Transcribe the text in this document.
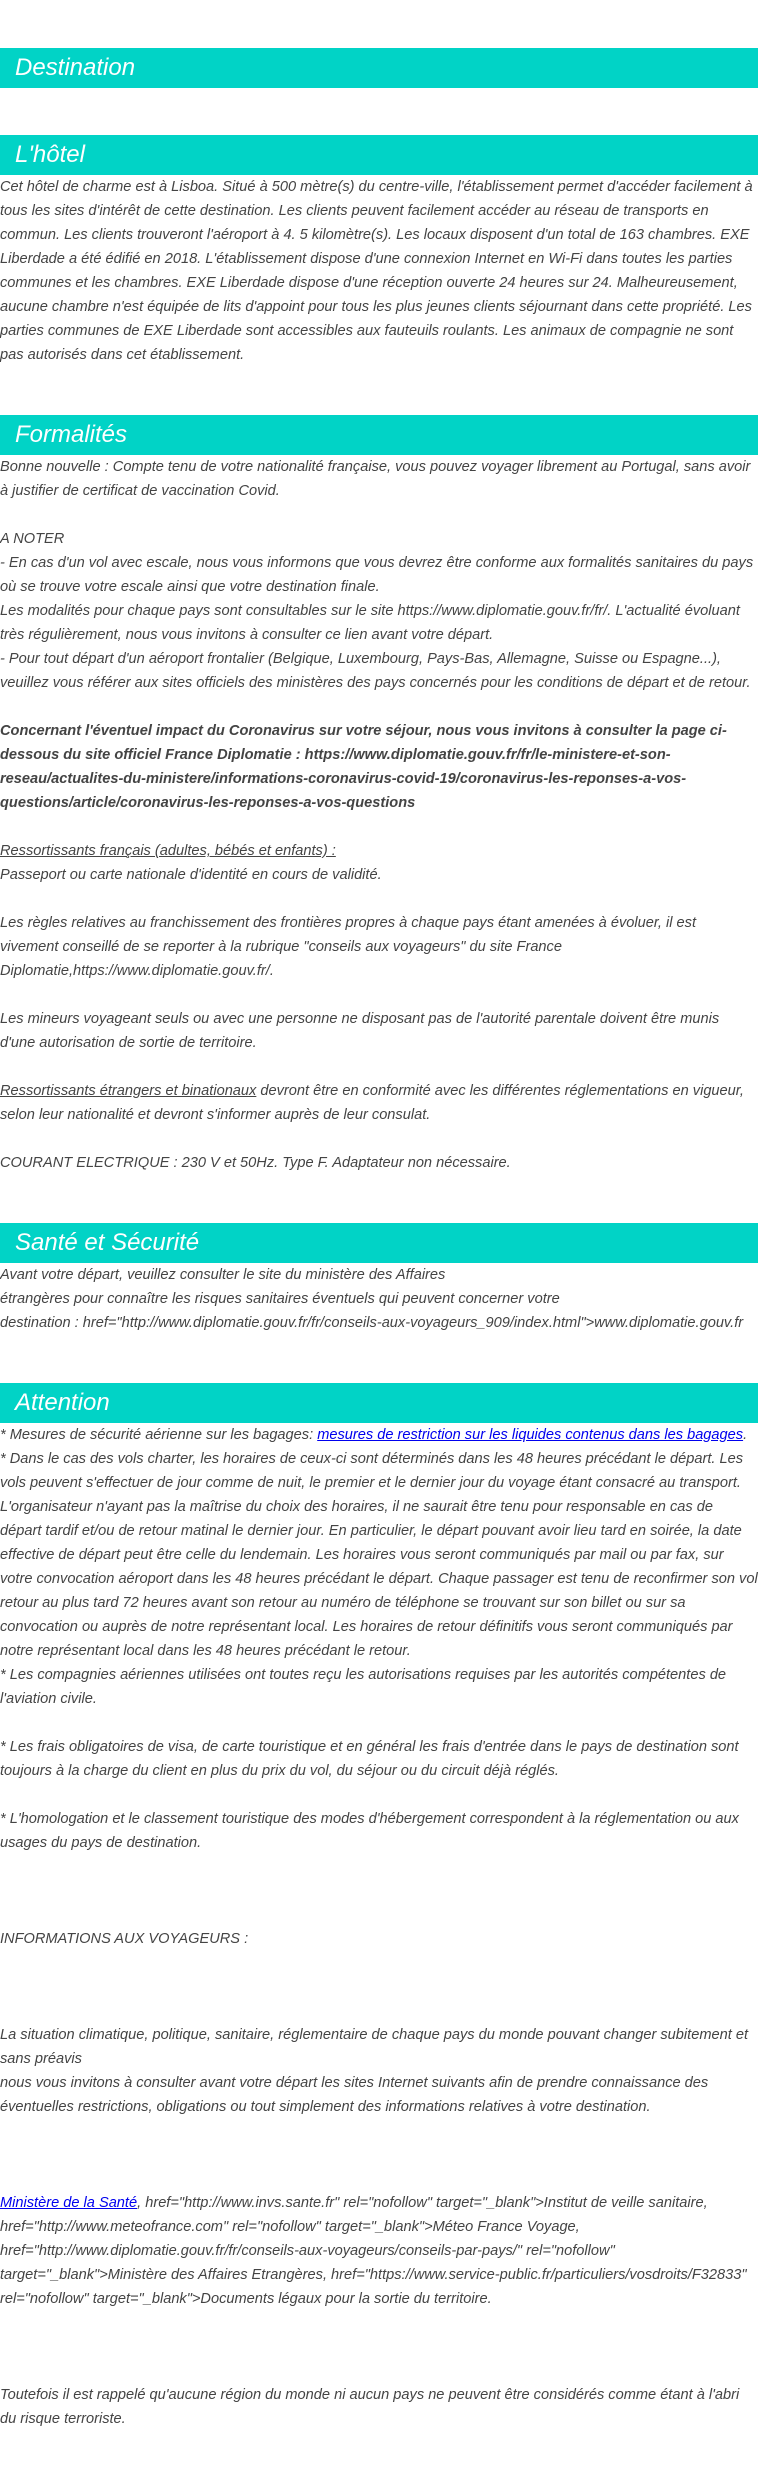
Destination
L'hôtel

Cet hôtel de charme est à Lisboa. Situé à 500 mètre(s) du centre-ville, l'établissement permet d'accéder facilement à tous les sites d'intérêt de cette destination. Les clients peuvent facilement accéder au réseau de transports en commun. Les clients trouveront l'aéroport à 4. 5 kilomètre(s). Les locaux disposent d'un total de 163 chambres. EXE Liberdade a été édifié en 2018. L'établissement dispose d'une connexion Internet en Wi-Fi dans toutes les parties communes et les chambres. EXE Liberdade dispose d'une réception ouverte 24 heures sur 24. Malheureusement, aucune chambre n'est équipée de lits d'appoint pour tous les plus jeunes clients séjournant dans cette propriété. Les parties communes de EXE Liberdade sont accessibles aux fauteuils roulants. Les animaux de compagnie ne sont pas autorisés dans cet établissement.

Formalités

Bonne nouvelle : Compte tenu de votre nationalité française, vous pouvez voyager librement au Portugal, sans avoir à justifier de certificat de vaccination Covid.

A NOTER

- En cas d'un vol avec escale, nous vous informons que vous devrez être conforme aux formalités sanitaires du pays où se trouve votre escale ainsi que votre destination finale.

Les modalités pour chaque pays sont consultables sur le site https://www.diplomatie.gouv.fr/fr/. L'actualité évoluant très régulièrement, nous vous invitons à consulter ce lien avant votre départ.

- Pour tout départ d'un aéroport frontalier (Belgique, Luxembourg, Pays-Bas, Allemagne, Suisse ou Espagne...), veuillez vous référer aux sites officiels des ministères des pays concernés pour les conditions de départ et de retour.

Concernant l'éventuel impact du Coronavirus sur votre séjour, nous vous invitons à consulter la page ci-dessous du site officiel France Diplomatie : https://www.diplomatie.gouv.fr/fr/le-ministere-et-son-reseau/actualites-du-ministere/informations-coronavirus-covid-19/coronavirus-les-reponses-a-vos-questions/article/coronavirus-les-reponses-a-vos-questions

Ressortissants français (adultes, bébés et enfants) :

Passeport ou carte nationale d'identité en cours de validité.

Les règles relatives au franchissement des frontières propres à chaque pays étant amenées à évoluer, il est vivement conseillé de se reporter à la rubrique "conseils aux voyageurs" du site France Diplomatie,https://www.diplomatie.gouv.fr/.

Les mineurs voyageant seuls ou avec une personne ne disposant pas de l'autorité parentale doivent être munis d'une autorisation de sortie de territoire.

Ressortissants étrangers et binationaux devront être en conformité avec les différentes réglementations en vigueur, selon leur nationalité et devront s'informer auprès de leur consulat.

COURANT ELECTRIQUE : 230 V et 50Hz. Type F. Adaptateur non nécessaire.

Santé et Sécurité

Avant votre départ, veuillez consulter le site du ministère des Affaires

étrangères pour connaître les risques sanitaires éventuels qui peuvent concerner votre

destination : href="http://www.diplomatie.gouv.fr/fr/conseils-aux-voyageurs_909/index.html">www.diplomatie.gouv.fr

Attention

* Mesures de sécurité aérienne sur les bagages: mesures de restriction sur les liquides contenus dans les bagages.

* Dans le cas des vols charter, les horaires de ceux-ci sont déterminés dans les 48 heures précédant le départ. Les vols peuvent s'effectuer de jour comme de nuit, le premier et le dernier jour du voyage étant consacré au transport. L'organisateur n'ayant pas la maîtrise du choix des horaires, il ne saurait être tenu pour responsable en cas de départ tardif et/ou de retour matinal le dernier jour. En particulier, le départ pouvant avoir lieu tard en soirée, la date effective de départ peut être celle du lendemain. Les horaires vous seront communiqués par mail ou par fax, sur votre convocation aéroport dans les 48 heures précédant le départ. Chaque passager est tenu de reconfirmer son vol retour au plus tard 72 heures avant son retour au numéro de téléphone se trouvant sur son billet ou sur sa convocation ou auprès de notre représentant local. Les horaires de retour définitifs vous seront communiqués par notre représentant local dans les 48 heures précédant le retour.

* Les compagnies aériennes utilisées ont toutes reçu les autorisations requises par les autorités compétentes de l'aviation civile.

* Les frais obligatoires de visa, de carte touristique et en général les frais d'entrée dans le pays de destination sont toujours à la charge du client en plus du prix du vol, du séjour ou du circuit déjà réglés.

* L'homologation et le classement touristique des modes d'hébergement correspondent à la réglementation ou aux usages du pays de destination.

INFORMATIONS AUX VOYAGEURS :

La situation climatique, politique, sanitaire, réglementaire de chaque pays du monde pouvant changer subitement et sans préavis

nous vous invitons à consulter avant votre départ les sites Internet suivants afin de prendre connaissance des éventuelles restrictions, obligations ou tout simplement des informations relatives à votre destination.

Ministère de la Santé, href="http://www.invs.sante.fr" rel="nofollow" target="_blank">Institut de veille sanitaire, href="http://www.meteofrance.com" rel="nofollow" target="_blank">Méteo France Voyage, href="http://www.diplomatie.gouv.fr/fr/conseils-aux-voyageurs/conseils-par-pays/" rel="nofollow" target="_blank">Ministère des Affaires Etrangères, href="https://www.service-public.fr/particuliers/vosdroits/F32833" rel="nofollow" target="_blank">Documents légaux pour la sortie du territoire.

Toutefois il est rappelé qu'aucune région du monde ni aucun pays ne peuvent être considérés comme étant à l'abri du risque terroriste.
